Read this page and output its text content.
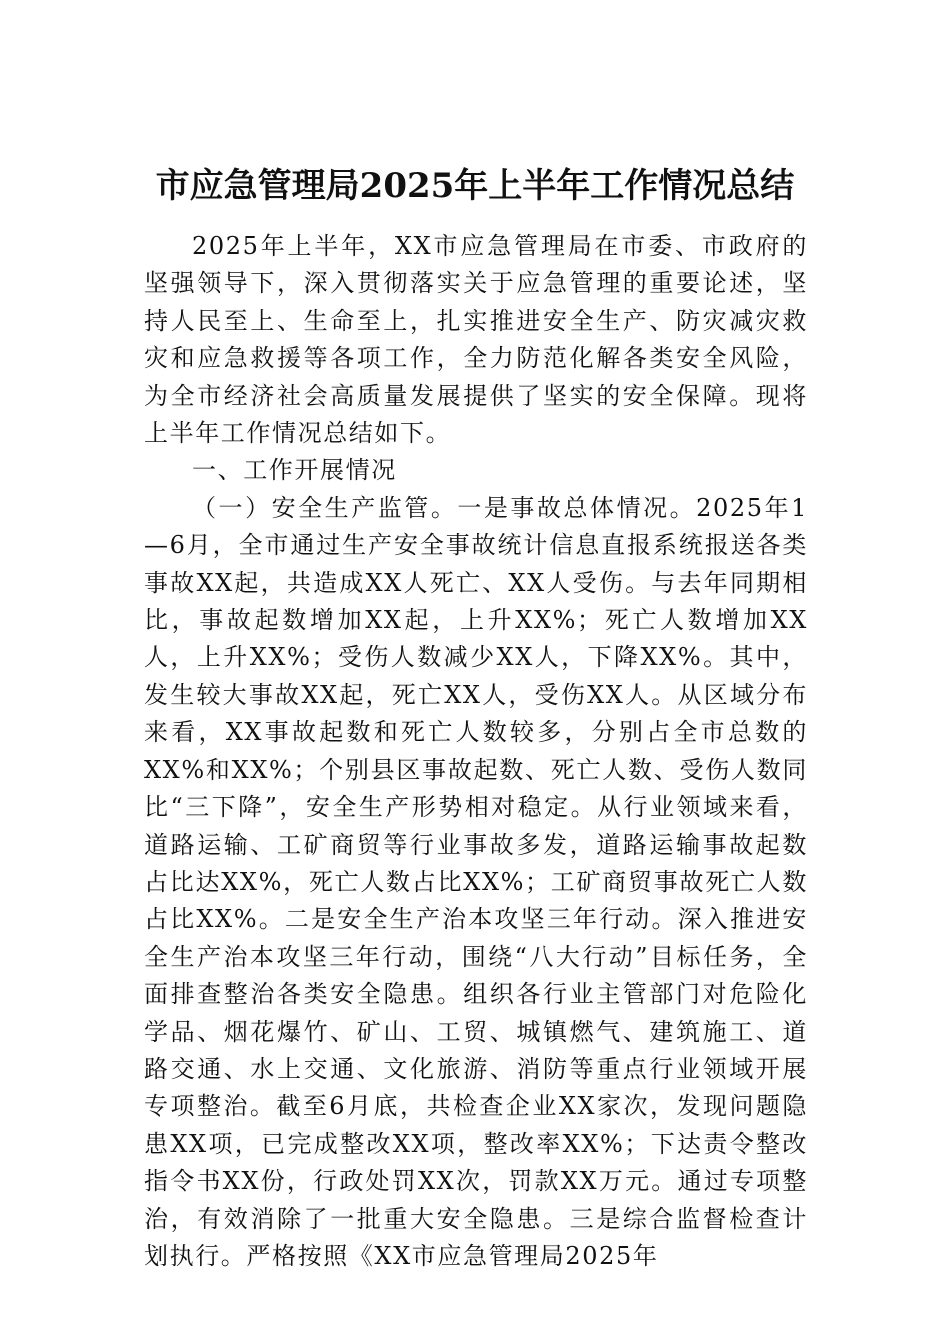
市应急管理局2025年上半年工作情况总结

2025年上半年，XX市应急管理局在市委、市政府的坚强领导下，深入贯彻落实关于应急管理的重要论述，坚持人民至上、生命至上，扎实推进安全生产、防灾减灾救灾和应急救援等各项工作，全力防范化解各类安全风险，为全市经济社会高质量发展提供了坚实的安全保障。现将上半年工作情况总结如下。

一、工作开展情况

（一）安全生产监管。一是事故总体情况。2025年1—6月，全市通过生产安全事故统计信息直报系统报送各类事故XX起，共造成XX人死亡、XX人受伤。与去年同期相比，事故起数增加XX起，上升XX%；死亡人数增加XX人，上升XX%；受伤人数减少XX人，下降XX%。其中，发生较大事故XX起，死亡XX人，受伤XX人。从区域分布来看，XX事故起数和死亡人数较多，分别占全市总数的XX%和XX%；个别县区事故起数、死亡人数、受伤人数同比“三下降”，安全生产形势相对稳定。从行业领域来看，道路运输、工矿商贸等行业事故多发，道路运输事故起数占比达XX%，死亡人数占比XX%；工矿商贸事故死亡人数占比XX%。二是安全生产治本攻坚三年行动。深入推进安全生产治本攻坚三年行动，围绕“八大行动”目标任务，全面排查整治各类安全隐患。组织各行业主管部门对危险化学品、烟花爆竹、矿山、工贸、城镇燃气、建筑施工、道路交通、水上交通、文化旅游、消防等重点行业领域开展专项整治。截至6月底，共检查企业XX家次，发现问题隐患XX项，已完成整改XX项，整改率XX%；下达责令整改指令书XX份，行政处罚XX次，罚款XX万元。通过专项整治，有效消除了一批重大安全隐患。三是综合监督检查计划执行。严格按照《XX市应急管理局2025年
